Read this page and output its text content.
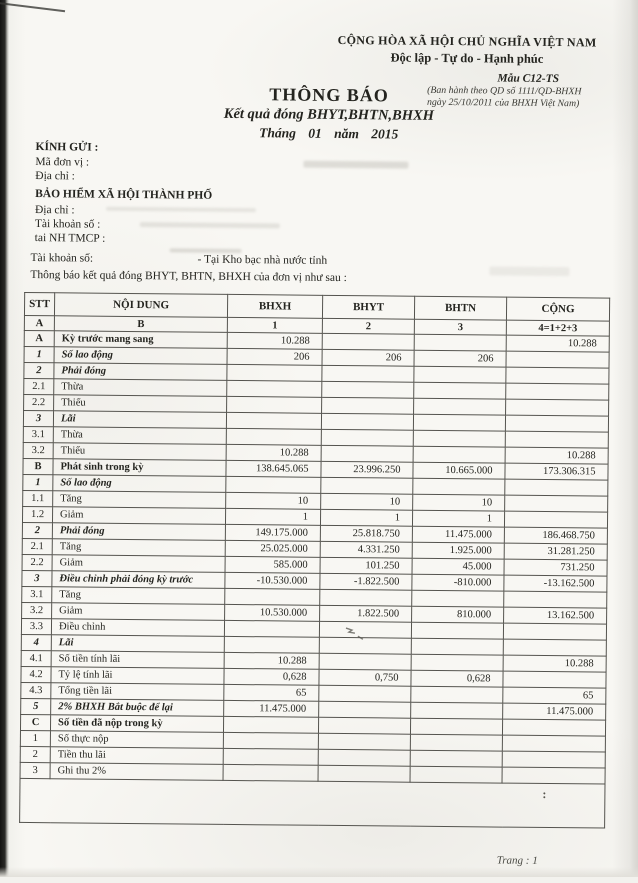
CỘNG HÒA XÃ HỘI CHỦ NGHĨA VIỆT NAM
Độc lập - Tự do - Hạnh phúc
Mẫu C12-TS
(Ban hành theo QD số 1111/QD-BHXH
ngày 25/10/2011 của BHXH Việt Nam)
THÔNG BÁO
Kết quả đóng BHYT,BHTN,BHXH
Tháng 01 năm 2015
KÍNH GỬI :
Mã đơn vị :
Địa chỉ :
BẢO HIỂM XÃ HỘI THÀNH PHỐ
Địa chỉ :
Tài khoản số :
tai NH TMCP :
Tài khoản số:	- Tại Kho bạc nhà nước tỉnh
Thông báo kết quả đóng BHYT, BHTN, BHXH của đơn vị như sau :
STT	NỘI DUNG	BHXH	BHYT	BHTN	CỘNG
A	B	1	2	3	4=1+2+3
A	Kỳ trước mang sang	10.288			10.288
1	Số lao động	206	206	206	
2	Phải đóng				
2.1	Thừa				
2.2	Thiếu				
3	Lãi				
3.1	Thừa				
3.2	Thiếu	10.288			10.288
B	Phát sinh trong kỳ	138.645.065	23.996.250	10.665.000	173.306.315
1	Số lao động				
1.1	Tăng	10	10	10	
1.2	Giảm	1	1	1	
2	Phải đóng	149.175.000	25.818.750	11.475.000	186.468.750
2.1	Tăng	25.025.000	4.331.250	1.925.000	31.281.250
2.2	Giảm	585.000	101.250	45.000	731.250
3	Điều chỉnh phải đóng kỳ trước	-10.530.000	-1.822.500	-810.000	-13.162.500
3.1	Tăng				
3.2	Giảm	10.530.000	1.822.500	810.000	13.162.500
3.3	Điều chỉnh				
4	Lãi				
4.1	Số tiền tính lãi	10.288			10.288
4.2	Tỷ lệ tính lãi	0,628	0,750	0,628	
4.3	Tổng tiền lãi	65			65
5	2% BHXH Bắt buộc để lại	11.475.000			11.475.000
C	Số tiền đã nộp trong kỳ				
1	Số thực nộp				
2	Tiền thu lãi				
3	Ghi thu 2%				

Trang : 1
:
